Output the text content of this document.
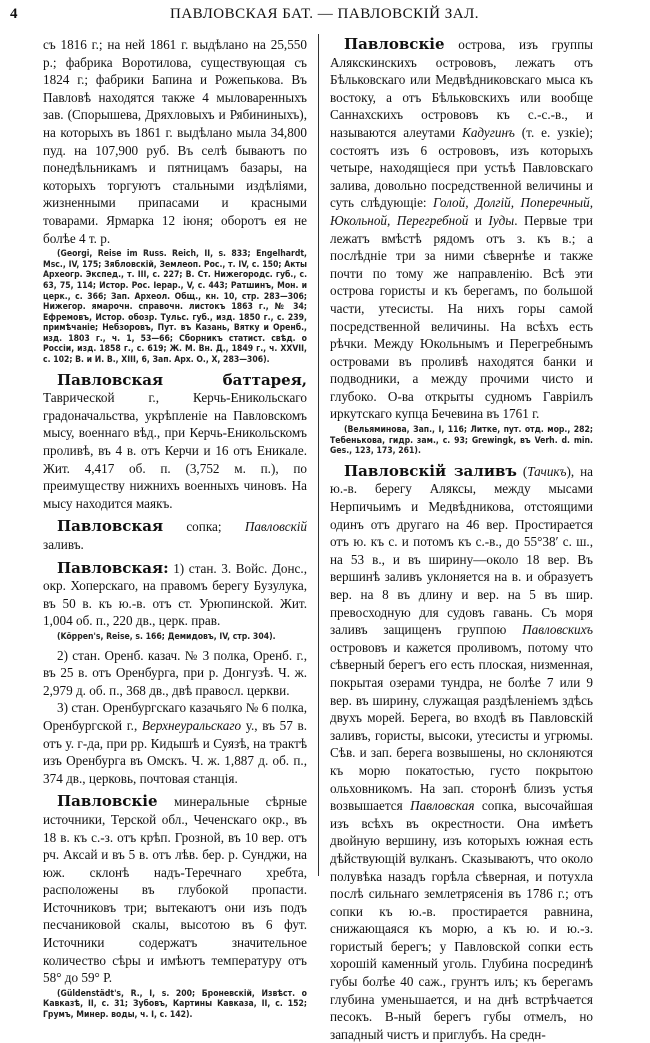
4	ПАВЛОВСКАЯ БАТ. — ПАВЛОВСКІЙ ЗАЛ.

съ 1816 г.; на ней 1861 г. выдѣлано на 25,550 р.; фабрика Воротилова, существующая съ 1824 г.; фабрики Бапина и Рожепькова. Въ Павловѣ находятся также 4 мыловаренныхъ зав. (Спорышева, Дряхловыхъ и Рябининыхъ), на которыхъ въ 1861 г. выдѣлано мыла 34,800 пуд. на 107,900 руб. Въ селѣ бываютъ по понедѣльникамъ и пятницамъ базары, на которыхъ торгуютъ стальными издѣліями, жизненными припасами и красными товарами. Ярмарка 12 іюня; оборотъ ея не болѣе 4 т. р.

(Georgi, Reise im Russ. Reich, II, s. 833; Engelhardt, Msc., IV, 175; Зябловскій, Землеоп. Рос., т. IV, с. 150; Акты Археогр. Экспед., т. III, с. 227; В. Ст. Нижегородс. губ., с. 63, 75, 114; Истор. Рос. Іерар., V, с. 443; Ратшинъ, Мон. и церк., с. 366; Зап. Археол. Общ., кн. 10, стр. 283—306; Нижегор. ямарочн. справочн. листокъ 1863 г., № 34; Ефремовъ, Истор. обозр. Тульс. губ., изд. 1850 г., с. 239, примѣчаніе; Небзоровъ, Пут. въ Казань, Вятку и Оренб., изд. 1803 г., ч. 1, 53—66; Сборникъ статист. свѣд. о Россіи, изд. 1858 г., с. 619; Ж. М. Вн. Д., 1849 г., ч. XXVII, с. 102; В. и И. В., XIII, 6, Зап. Арх. О., X, 283—306).

Павловская баттарея, Таврической г., Керчь-Еникольскаго градоначальства, укрѣпленіе на Павловскомъ мысу, военнаго вѣд., при Керчь-Еникольскомъ проливѣ, въ 4 в. отъ Керчи и 16 отъ Еникале. Жит. 4,417 об. п. (3,752 м. п.), по преимуществу нижнихъ военныхъ чиновъ. На мысу находится маякъ.

Павловская сопка; Павловскій заливъ.

Павловская: 1) стан. 3. Войс. Донс., окр. Хоперскаго, на правомъ берегу Бузулука, въ 50 в. къ ю.-в. отъ ст. Урюпинской. Жит. 1,004 об. п., 220 дв., церк. прав.

(Köppen's, Reise, s. 166; Демидовъ, IV, стр. 304).

2) стан. Оренб. казач. № 3 полка, Оренб. г., въ 25 в. отъ Оренбурга, при р. Донгузѣ. Ч. ж. 2,979 д. об. п., 368 дв., двѣ правосл. церкви.

3) стан. Оренбургскаго казачьяго № 6 полка, Оренбургской г., Верхнеуральскаго у., въ 57 в. отъ у. г-да, при рр. Кидышѣ и Суязѣ, на трактѣ изъ Оренбурга въ Омскъ. Ч. ж. 1,887 д. об. п., 374 дв., церковь, почтовая станція.

Павловскіе минеральные сѣрные источники, Терской обл., Чеченскаго окр., въ 18 в. къ с.-з. отъ крѣп. Грозной, въ 10 вер. отъ рч. Аксай и въ 5 в. отъ лѣв. бер. р. Сунджи, на юж. склонѣ надъ-Теречнаго хребта, расположены въ глубокой пропасти. Источниковъ три; вытекаютъ они изъ подъ песчаниковой скалы, высотою въ 6 фут. Источники содержатъ значительное количество сѣры и имѣютъ температуру отъ 58° до 59° Р.

(Güldenstädt's, R., I, s. 200; Броневскій, Извѣст. о Кавказѣ, II, с. 31; Зубовъ, Картины Кавказа, II, с. 152; Грумъ, Минер. воды, ч. I, с. 142).

Павловскіе острова, изъ группы Алякскинскихъ острововъ, лежатъ отъ Бѣльковскаго или Медвѣдниковскаго мыса къ востоку, а отъ Бѣльковскихъ или вообще Саннахскихъ острововъ къ с.-с.-в., и называются алеутами Кадугинъ (т. е. узкіе); состоятъ изъ 6 острововъ, изъ которыхъ четыре, находящіеся при устьѣ Павловскаго залива, довольно посредственной величины и суть слѣдующіе: Голой, Долгій, Поперечный, Юкольной, Перегребной и Іуды. Первые три лежатъ вмѣстѣ рядомъ отъ з. къ в.; а послѣдніе три за ними сѣвернѣе и также почти по тому же направленію. Всѣ эти острова гористы и къ берегамъ, по большой части, утесисты. На нихъ горы самой посредственной величины. На всѣхъ есть рѣчки. Между Юкольнымъ и Перегребнымъ островами въ проливѣ находятся банки и подводники, а между прочими чисто и глубоко. О-ва открыты судномъ Гавріилъ иркутскаго купца Бечевина въ 1761 г.

(Вельяминова, Зап., I, 116; Литке, пут. отд. мор., 282; Тебенькова, гидр. зам., с. 93; Grewingk, въ Verh. d. min. Ges., 123, 173, 261).

Павловскій заливъ (Тачикъ), на ю.-в. берегу Аляксы, между мысами Нерпичьимъ и Медвѣдникова, отстоящими одинъ отъ другаго на 46 вер. Простирается отъ ю. къ с. и потомъ къ с.-в., до 55°38′ с. ш., на 53 в., и въ ширину—около 18 вер. Въ вершинѣ заливъ уклоняется на в. и образуетъ вер. на 8 въ длину и вер. на 5 въ шир. превосходную для судовъ гавань. Съ моря заливъ защищенъ группою Павловскихъ острововъ и кажется проливомъ, потому что сѣверный берегъ его есть плоская, низменная, покрытая озерами тундра, не болѣе 7 или 9 вер. въ ширину, служащая раздѣленіемъ здѣсь двухъ морей. Берега, во входѣ въ Павловскій заливъ, гористы, высоки, утесисты и угрюмы. Сѣв. и зап. берега возвышены, но склоняются къ морю покатостью, густо покрытою ольховникомъ. На зап. сторонѣ близъ устья возвышается Павловская сопка, высочайшая изъ всѣхъ въ окрестности. Она имѣетъ двойную вершину, изъ которыхъ южная есть дѣйствующій вулканъ. Сказываютъ, что около полувѣка назадъ горѣла сѣверная, и потухла послѣ сильнаго землетрясенія въ 1786 г.; отъ сопки къ ю.-в. простирается равнина, снижающаяся къ морю, а къ ю. и ю.-з. гористый берегъ; у Павловской сопки есть хорошій каменный уголь. Глубина посрединѣ губы болѣе 40 саж., грунтъ илъ; къ берегамъ глубина уменьшается, и на днѣ встрѣчается песокъ. В-ный берегъ губы отмелъ, но западный чистъ и приглубъ. На средн-
